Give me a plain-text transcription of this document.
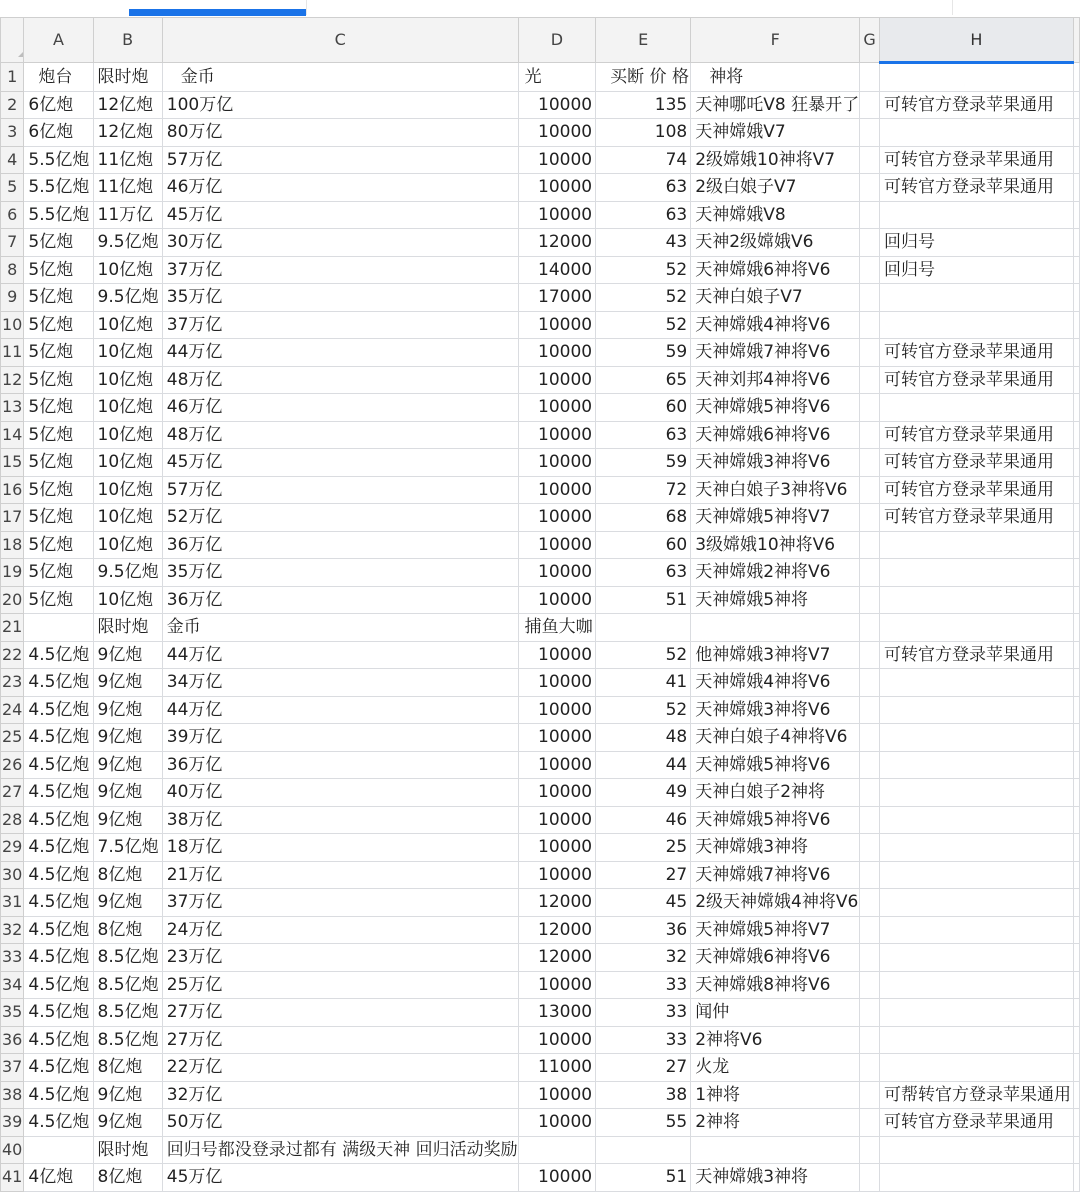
	A	B	C	D	E	F	G	H	
1	炮台	限时炮	金币	光	买断 价 格	神将			
2	6亿炮	12亿炮	100万亿	10000	135	天神哪吒V8 狂暴开了		可转官方登录苹果通用	
3	6亿炮	12亿炮	80万亿	10000	108	天神嫦娥V7			
4	5.5亿炮	11亿炮	57万亿	10000	74	2级嫦娥10神将V7		可转官方登录苹果通用	
5	5.5亿炮	11亿炮	46万亿	10000	63	2级白娘子V7		可转官方登录苹果通用	
6	5.5亿炮	11万亿	45万亿	10000	63	天神嫦娥V8			
7	5亿炮	9.5亿炮	30万亿	12000	43	天神2级嫦娥V6		回归号	
8	5亿炮	10亿炮	37万亿	14000	52	天神嫦娥6神将V6		回归号	
9	5亿炮	9.5亿炮	35万亿	17000	52	天神白娘子V7			
10	5亿炮	10亿炮	37万亿	10000	52	天神嫦娥4神将V6			
11	5亿炮	10亿炮	44万亿	10000	59	天神嫦娥7神将V6		可转官方登录苹果通用	
12	5亿炮	10亿炮	48万亿	10000	65	天神刘邦4神将V6		可转官方登录苹果通用	
13	5亿炮	10亿炮	46万亿	10000	60	天神嫦娥5神将V6			
14	5亿炮	10亿炮	48万亿	10000	63	天神嫦娥6神将V6		可转官方登录苹果通用	
15	5亿炮	10亿炮	45万亿	10000	59	天神嫦娥3神将V6		可转官方登录苹果通用	
16	5亿炮	10亿炮	57万亿	10000	72	天神白娘子3神将V6		可转官方登录苹果通用	
17	5亿炮	10亿炮	52万亿	10000	68	天神嫦娥5神将V7		可转官方登录苹果通用	
18	5亿炮	10亿炮	36万亿	10000	60	3级嫦娥10神将V6			
19	5亿炮	9.5亿炮	35万亿	10000	63	天神嫦娥2神将V6			
20	5亿炮	10亿炮	36万亿	10000	51	天神嫦娥5神将			
21		限时炮	金币	捕鱼大咖					
22	4.5亿炮	9亿炮	44万亿	10000	52	他神嫦娥3神将V7		可转官方登录苹果通用	
23	4.5亿炮	9亿炮	34万亿	10000	41	天神嫦娥4神将V6			
24	4.5亿炮	9亿炮	44万亿	10000	52	天神嫦娥3神将V6			
25	4.5亿炮	9亿炮	39万亿	10000	48	天神白娘子4神将V6			
26	4.5亿炮	9亿炮	36万亿	10000	44	天神嫦娥5神将V6			
27	4.5亿炮	9亿炮	40万亿	10000	49	天神白娘子2神将			
28	4.5亿炮	9亿炮	38万亿	10000	46	天神嫦娥5神将V6			
29	4.5亿炮	7.5亿炮	18万亿	10000	25	天神嫦娥3神将			
30	4.5亿炮	8亿炮	21万亿	10000	27	天神嫦娥7神将V6			
31	4.5亿炮	9亿炮	37万亿	12000	45	2级天神嫦娥4神将V6			
32	4.5亿炮	8亿炮	24万亿	12000	36	天神嫦娥5神将V7			
33	4.5亿炮	8.5亿炮	23万亿	12000	32	天神嫦娥6神将V6			
34	4.5亿炮	8.5亿炮	25万亿	10000	33	天神嫦娥8神将V6			
35	4.5亿炮	8.5亿炮	27万亿	13000	33	闻仲			
36	4.5亿炮	8.5亿炮	27万亿	10000	33	2神将V6			
37	4.5亿炮	8亿炮	22万亿	11000	27	火龙			
38	4.5亿炮	9亿炮	32万亿	10000	38	1神将		可帮转官方登录苹果通用	
39	4.5亿炮	9亿炮	50万亿	10000	55	2神将		可转官方登录苹果通用	
40		限时炮	回归号都没登录过都有 满级天神 回归活动奖励						
41	4亿炮	8亿炮	45万亿	10000	51	天神嫦娥3神将			
